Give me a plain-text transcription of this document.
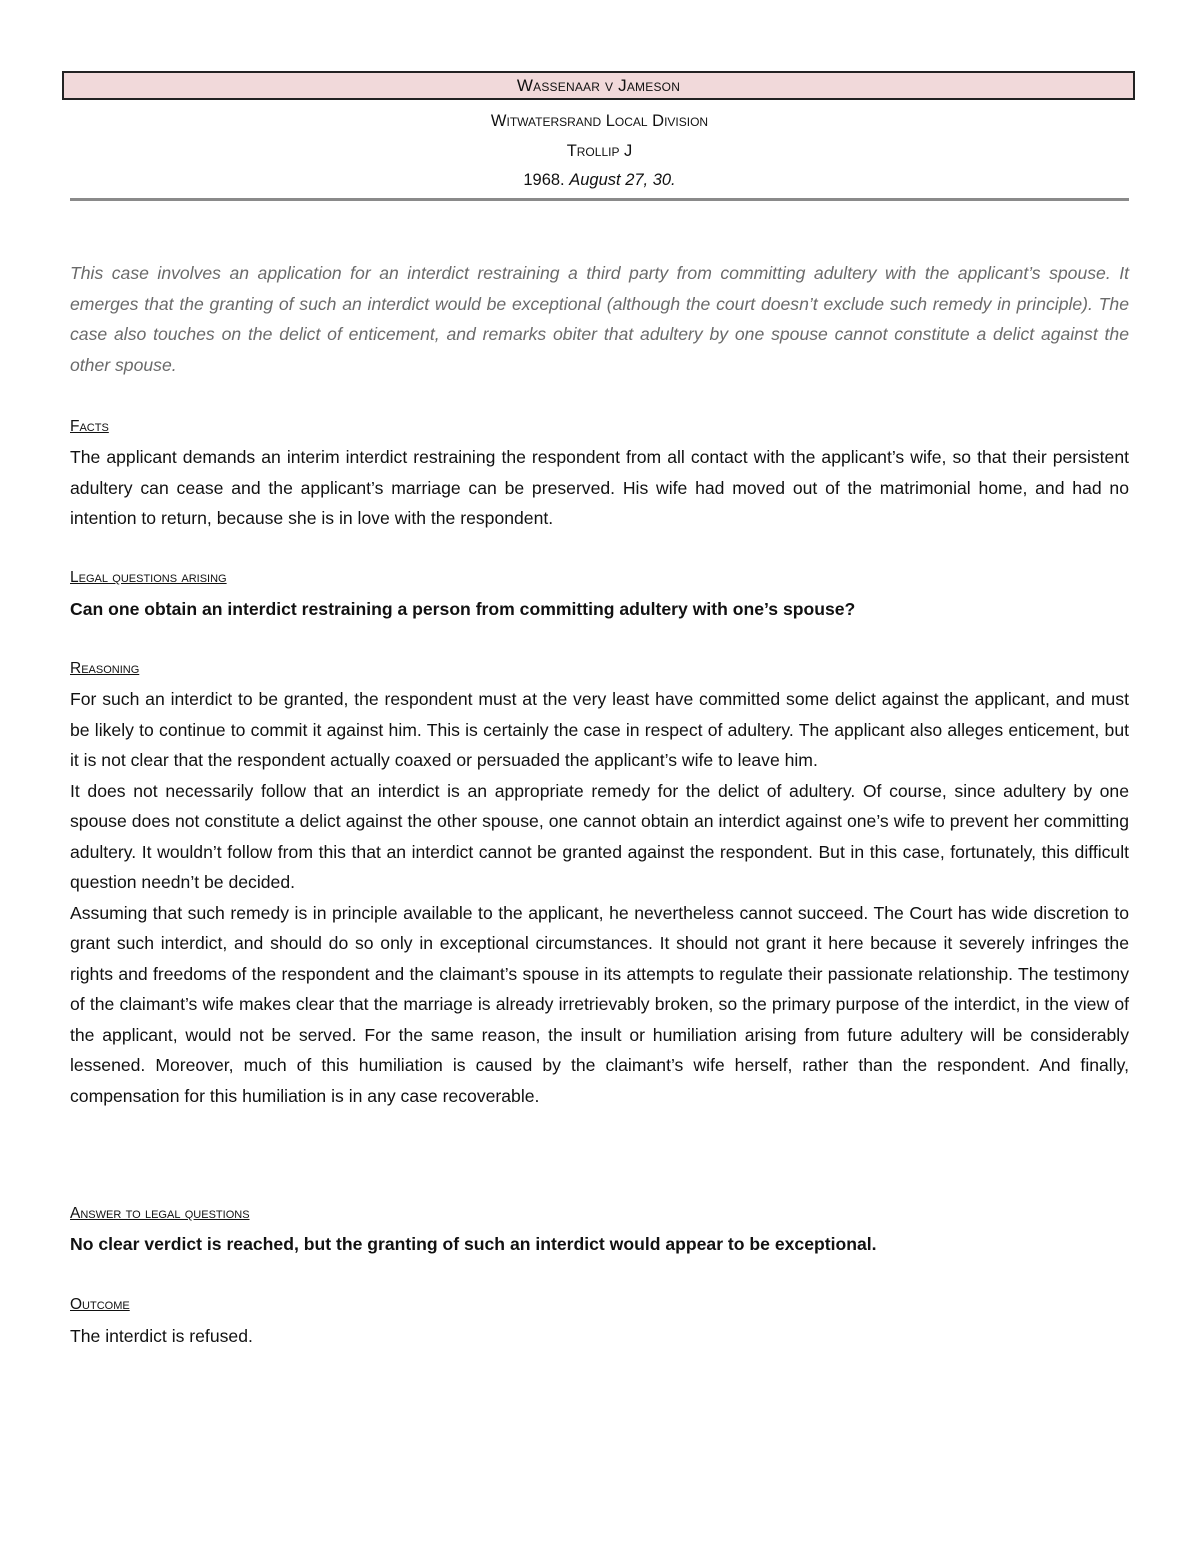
Wassenaar v Jameson
Witwatersrand Local Division
Trollip J
1968. August 27, 30.

This case involves an application for an interdict restraining a third party from committing adultery with the applicant’s spouse. It emerges that the granting of such an interdict would be exceptional (although the court doesn’t exclude such remedy in principle). The case also touches on the delict of enticement, and remarks obiter that adultery by one spouse cannot constitute a delict against the other spouse.

Facts

The applicant demands an interim interdict restraining the respondent from all contact with the applicant’s wife, so that their persistent adultery can cease and the applicant’s marriage can be preserved. His wife had moved out of the matrimonial home, and had no intention to return, because she is in love with the respondent.

Legal questions arising

Can one obtain an interdict restraining a person from committing adultery with one’s spouse?

Reasoning

For such an interdict to be granted, the respondent must at the very least have committed some delict against the applicant, and must be likely to continue to commit it against him. This is certainly the case in respect of adultery. The applicant also alleges enticement, but it is not clear that the respondent actually coaxed or persuaded the applicant’s wife to leave him.

It does not necessarily follow that an interdict is an appropriate remedy for the delict of adultery. Of course, since adultery by one spouse does not constitute a delict against the other spouse, one cannot obtain an interdict against one’s wife to prevent her committing adultery. It wouldn’t follow from this that an interdict cannot be granted against the respondent. But in this case, fortunately, this difficult question needn’t be decided.

Assuming that such remedy is in principle available to the applicant, he nevertheless cannot succeed. The Court has wide discretion to grant such interdict, and should do so only in exceptional circumstances. It should not grant it here because it severely infringes the rights and freedoms of the respondent and the claimant’s spouse in its attempts to regulate their passionate relationship. The testimony of the claimant’s wife makes clear that the marriage is already irretrievably broken, so the primary purpose of the interdict, in the view of the applicant, would not be served. For the same reason, the insult or humiliation arising from future adultery will be considerably lessened. Moreover, much of this humiliation is caused by the claimant’s wife herself, rather than the respondent. And finally, compensation for this humiliation is in any case recoverable.

Answer to legal questions

No clear verdict is reached, but the granting of such an interdict would appear to be exceptional.

Outcome

The interdict is refused.
